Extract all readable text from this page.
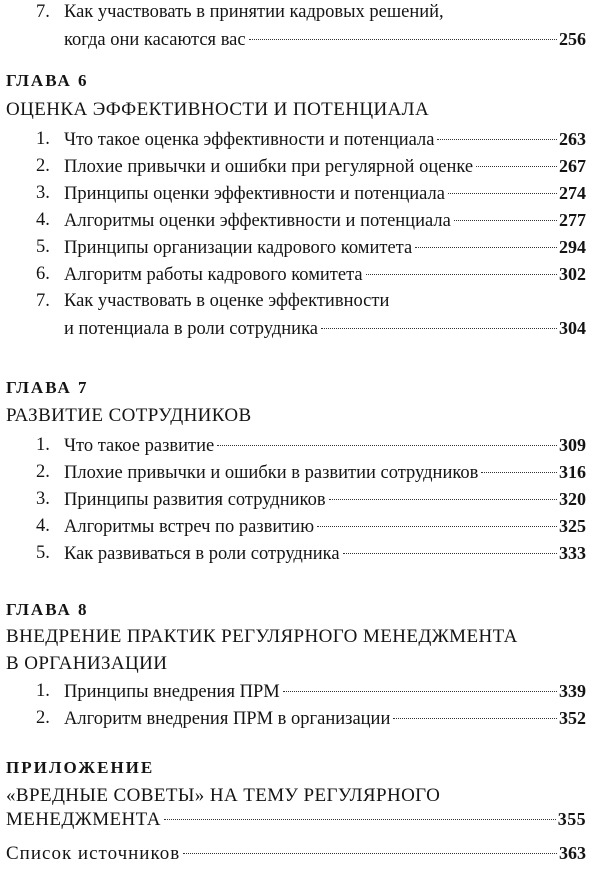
7. Как участвовать в принятии кадровых решений,
когда они касаются вас	256
ГЛАВА 6
ОЦЕНКА ЭФФЕКТИВНОСТИ И ПОТЕНЦИАЛА
1. Что такое оценка эффективности и потенциала	263
2. Плохие привычки и ошибки при регулярной оценке	267
3. Принципы оценки эффективности и потенциала	274
4. Алгоритмы оценки эффективности и потенциала	277
5. Принципы организации кадрового комитета	294
6. Алгоритм работы кадрового комитета	302
7. Как участвовать в оценке эффективности
и потенциала в роли сотрудника	304
ГЛАВА 7
РАЗВИТИЕ СОТРУДНИКОВ
1. Что такое развитие	309
2. Плохие привычки и ошибки в развитии сотрудников	316
3. Принципы развития сотрудников	320
4. Алгоритмы встреч по развитию	325
5. Как развиваться в роли сотрудника	333
ГЛАВА 8
ВНЕДРЕНИЕ ПРАКТИК РЕГУЛЯРНОГО МЕНЕДЖМЕНТА
В ОРГАНИЗАЦИИ
1. Принципы внедрения ПРМ	339
2. Алгоритм внедрения ПРМ в организации	352
ПРИЛОЖЕНИЕ
«ВРЕДНЫЕ СОВЕТЫ» НА ТЕМУ РЕГУЛЯРНОГО
МЕНЕДЖМЕНТА	355
Список источников	363
